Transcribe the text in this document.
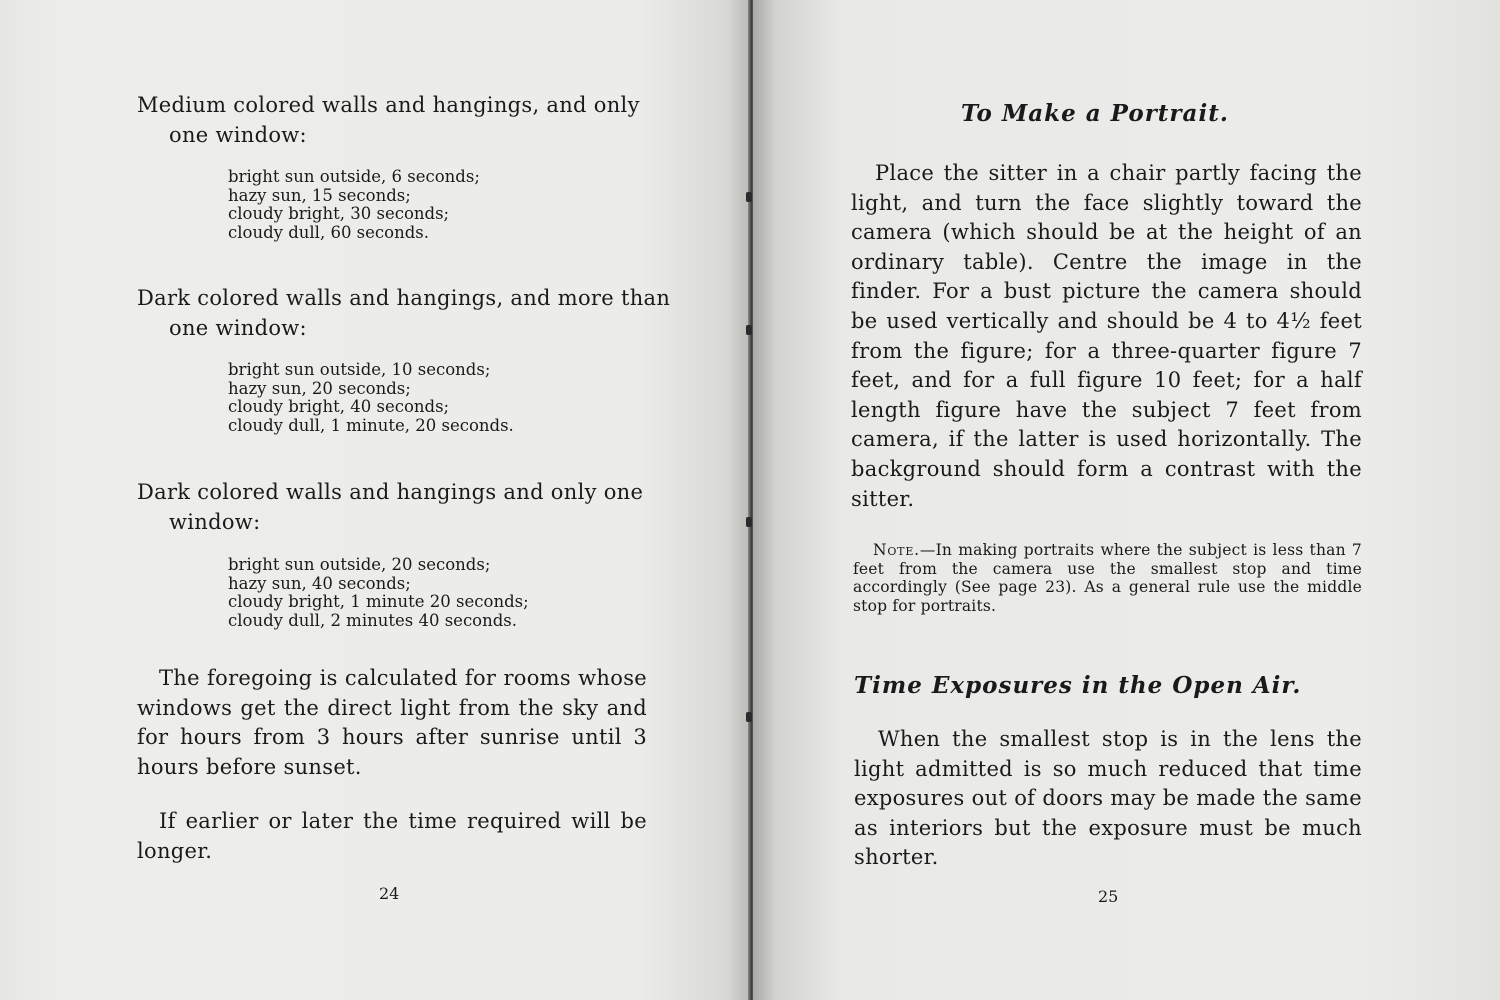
Medium colored walls and hangings, and only one window:

bright sun outside, 6 seconds;
hazy sun, 15 seconds;
cloudy bright, 30 seconds;
cloudy dull, 60 seconds.

Dark colored walls and hangings, and more than one window:

bright sun outside, 10 seconds;
hazy sun, 20 seconds;
cloudy bright, 40 seconds;
cloudy dull, 1 minute, 20 seconds.

Dark colored walls and hangings and only one window:

bright sun outside, 20 seconds;
hazy sun, 40 seconds;
cloudy bright, 1 minute 20 seconds;
cloudy dull, 2 minutes 40 seconds.

The foregoing is calculated for rooms whose windows get the direct light from the sky and for hours from 3 hours after sunrise until 3 hours before sunset.

If earlier or later the time required will be longer.

24

To Make a Portrait.

Place the sitter in a chair partly facing the light, and turn the face slightly toward the camera (which should be at the height of an ordinary table). Centre the image in the finder. For a bust picture the camera should be used vertically and should be 4 to 4½ feet from the figure; for a three-quarter figure 7 feet, and for a full figure 10 feet; for a half length figure have the subject 7 feet from camera, if the latter is used horizontally. The background should form a contrast with the sitter.

Note.—In making portraits where the subject is less than 7 feet from the camera use the smallest stop and time accordingly (See page 23). As a general rule use the middle stop for portraits.

Time Exposures in the Open Air.

When the smallest stop is in the lens the light admitted is so much reduced that time exposures out of doors may be made the same as interiors but the exposure must be much shorter.

25
